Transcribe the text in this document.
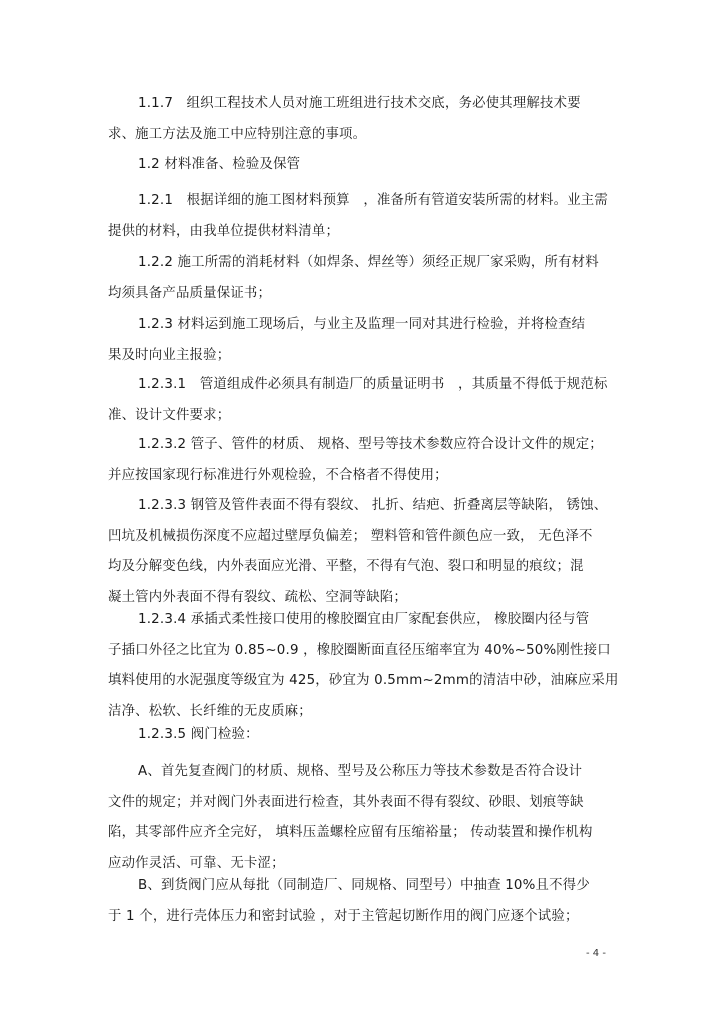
1.1.7　组织工程技术人员对施工班组进行技术交底，务必使其理解技术要
求、施工方法及施工中应特别注意的事项。
1.2 材料准备、检验及保管
1.2.1　根据详细的施工图材料预算　，准备所有管道安装所需的材料。业主需
提供的材料，由我单位提供材料清单；
1.2.2 施工所需的消耗材料（如焊条、焊丝等）须经正规厂家采购，所有材料
均须具备产品质量保证书；
1.2.3 材料运到施工现场后，与业主及监理一同对其进行检验，并将检查结
果及时向业主报验；
1.2.3.1　管道组成件必须具有制造厂的质量证明书　，其质量不得低于规范标
准、设计文件要求；
1.2.3.2 管子、管件的材质、 规格、型号等技术参数应符合设计文件的规定；
并应按国家现行标准进行外观检验，不合格者不得使用；
1.2.3.3 钢管及管件表面不得有裂纹、 扎折、结疤、折叠离层等缺陷， 锈蚀、
凹坑及机械损伤深度不应超过壁厚负偏差； 塑料管和管件颜色应一致， 无色泽不
均及分解变色线，内外表面应光滑、平整，不得有气泡、裂口和明显的痕纹；混
凝土管内外表面不得有裂纹、疏松、空洞等缺陷；
1.2.3.4 承插式柔性接口使用的橡胶圈宜由厂家配套供应， 橡胶圈内径与管
子插口外径之比宜为 0.85~0.9 ，橡胶圈断面直径压缩率宜为 40%~50%刚性接口
填料使用的水泥强度等级宜为 425，砂宜为 0.5mm~2mm的清洁中砂，油麻应采用
洁净、松软、长纤维的无皮质麻；
1.2.3.5 阀门检验：
A、首先复查阀门的材质、规格、型号及公称压力等技术参数是否符合设计
文件的规定；并对阀门外表面进行检查，其外表面不得有裂纹、砂眼、划痕等缺
陷，其零部件应齐全完好， 填料压盖螺栓应留有压缩裕量； 传动装置和操作机构
应动作灵活、可靠、无卡涩；
B、到货阀门应从每批（同制造厂、同规格、同型号）中抽查 10%且不得少
于 1 个，进行壳体压力和密封试验 ，对于主管起切断作用的阀门应逐个试验；
- 4 -
